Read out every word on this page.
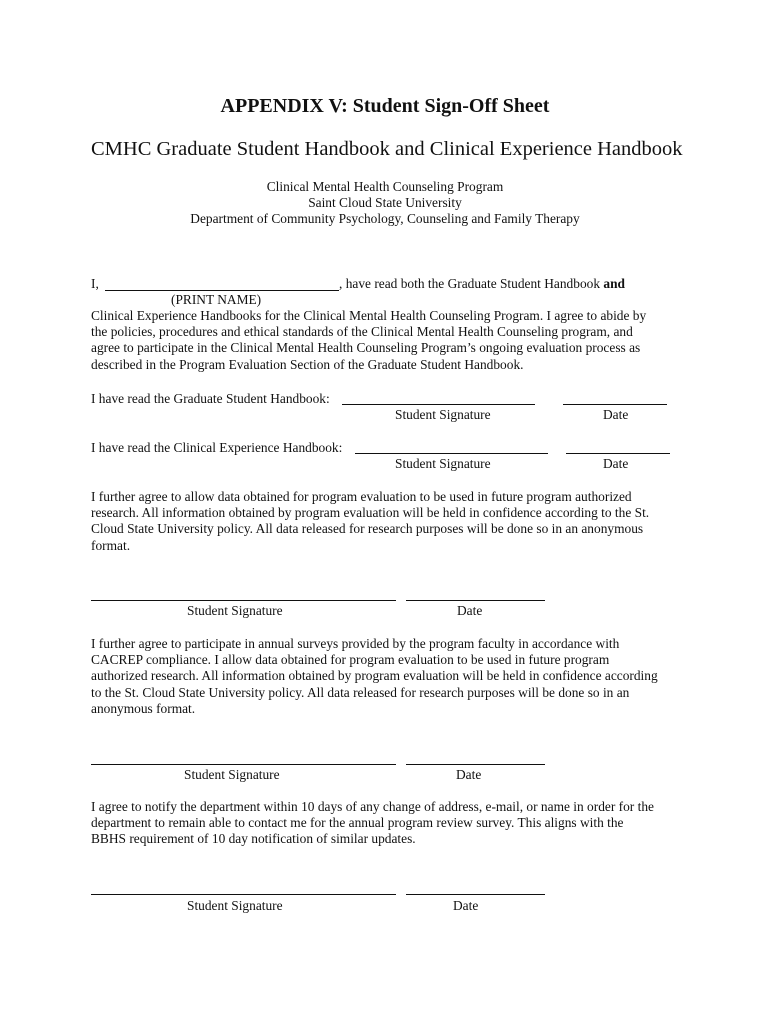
APPENDIX V: Student Sign-Off Sheet
CMHC Graduate Student Handbook and Clinical Experience Handbook
Clinical Mental Health Counseling Program
Saint Cloud State University
Department of Community Psychology, Counseling and Family Therapy
I,	, have read both the Graduate Student Handbook and
(PRINT NAME)
Clinical Experience Handbooks for the Clinical Mental Health Counseling Program. I agree to abide by
the policies, procedures and ethical standards of the Clinical Mental Health Counseling program, and
agree to participate in the Clinical Mental Health Counseling Program’s ongoing evaluation process as
described in the Program Evaluation Section of the Graduate Student Handbook.
I have read the Graduate Student Handbook:
Student Signature	Date
I have read the Clinical Experience Handbook:
Student Signature	Date
I further agree to allow data obtained for program evaluation to be used in future program authorized
research. All information obtained by program evaluation will be held in confidence according to the St.
Cloud State University policy. All data released for research purposes will be done so in an anonymous
format.
Student Signature	Date
I further agree to participate in annual surveys provided by the program faculty in accordance with
CACREP compliance. I allow data obtained for program evaluation to be used in future program
authorized research. All information obtained by program evaluation will be held in confidence according
to the St. Cloud State University policy. All data released for research purposes will be done so in an
anonymous format.
Student Signature	Date
I agree to notify the department within 10 days of any change of address, e-mail, or name in order for the
department to remain able to contact me for the annual program review survey. This aligns with the
BBHS requirement of 10 day notification of similar updates.
Student Signature	Date
